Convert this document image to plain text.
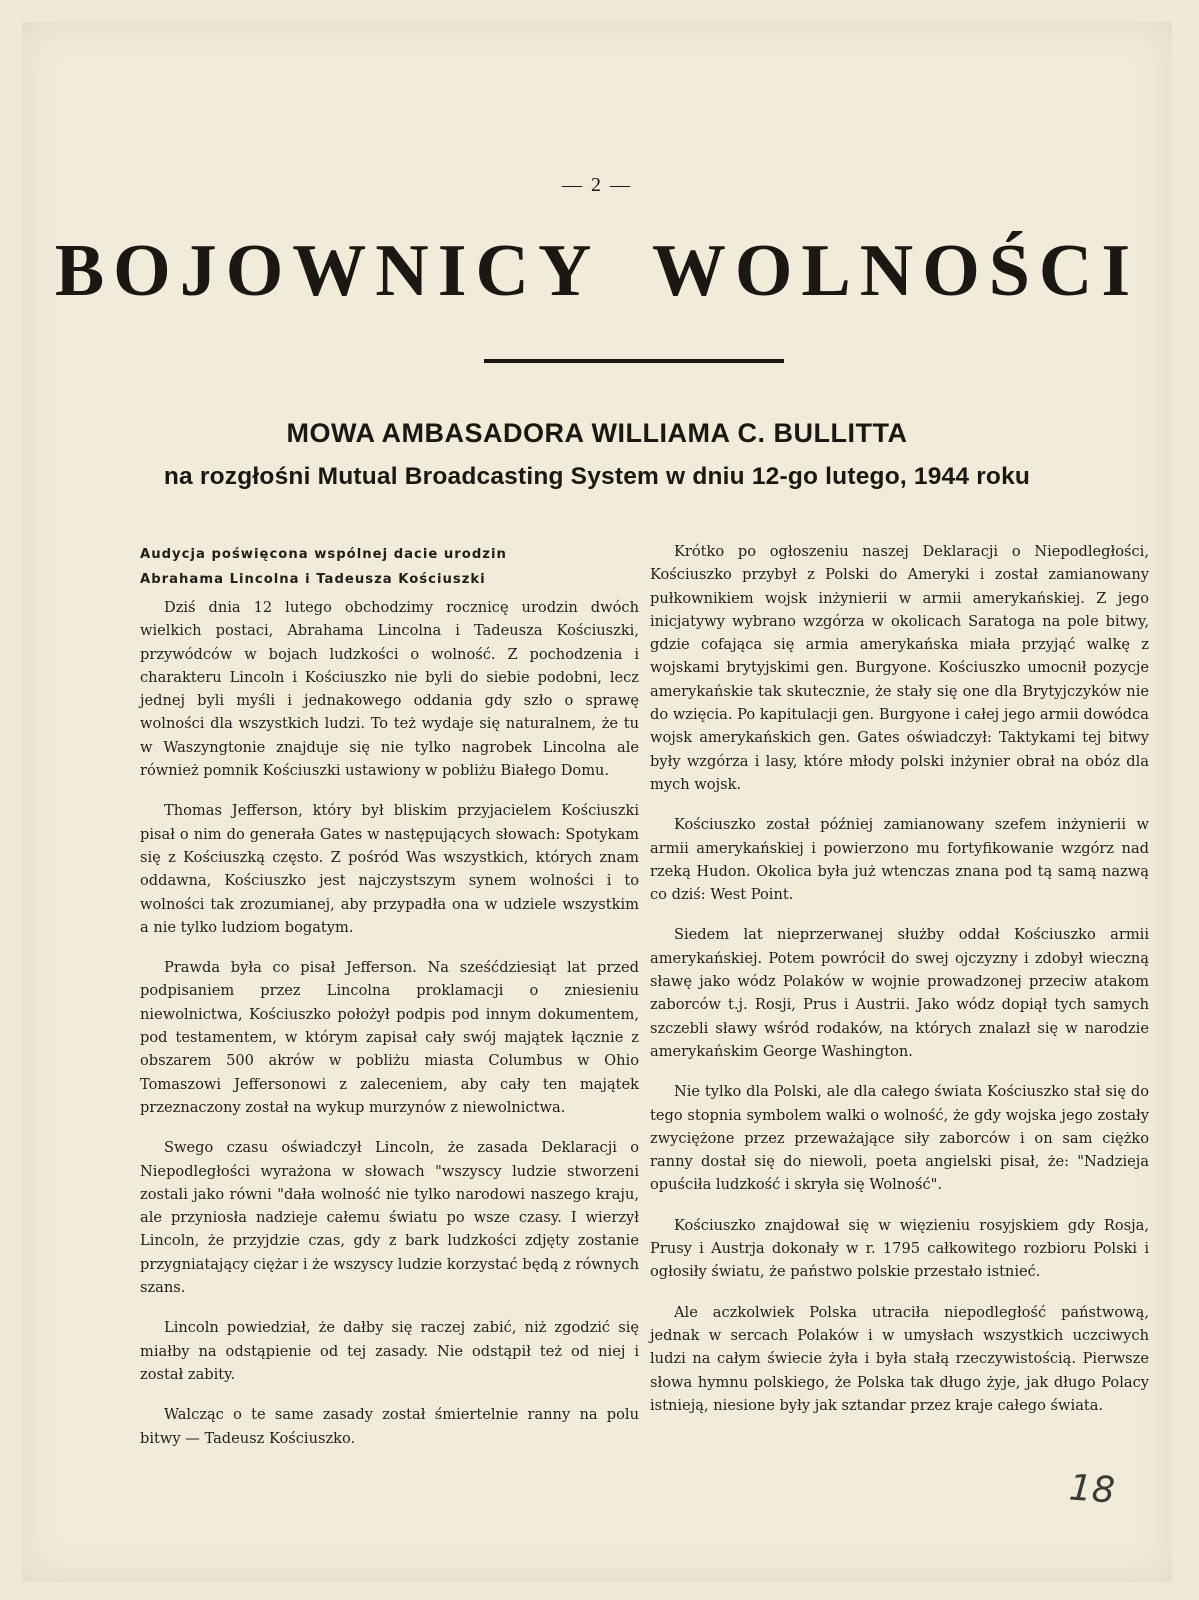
— 2 —
BOJOWNICY WOLNOŚCI
MOWA AMBASADORA WILLIAMA C. BULLITTA
na rozgłośni Mutual Broadcasting System w dniu 12-go lutego, 1944 roku
Audycja poświęcona wspólnej dacie urodzin
Abrahama Lincolna i Tadeusza Kościuszki

Dziś dnia 12 lutego obchodzimy rocznicę urodzin dwóch wielkich postaci, Abrahama Lincolna i Tadeusza Kościuszki, przywódców w bojach ludzkości o wolność. Z pochodzenia i charakteru Lincoln i Kościuszko nie byli do siebie podobni, lecz jednej byli myśli i jednakowego oddania gdy szło o sprawę wolności dla wszystkich ludzi. To też wydaje się naturalnem, że tu w Waszyngtonie znajduje się nie tylko nagrobek Lincolna ale również pomnik Kościuszki ustawiony w pobliżu Białego Domu.

Thomas Jefferson, który był bliskim przyjacielem Kościuszki pisał o nim do generała Gates w następujących słowach: Spotykam się z Kościuszką często. Z pośród Was wszystkich, których znam oddawna, Kościuszko jest najczystszym synem wolności i to wolności tak zrozumianej, aby przypadła ona w udziele wszystkim a nie tylko ludziom bogatym.

Prawda była co pisał Jefferson. Na sześćdziesiąt lat przed podpisaniem przez Lincolna proklamacji o zniesieniu niewolnictwa, Kościuszko położył podpis pod innym dokumentem, pod testamentem, w którym zapisał cały swój majątek łącznie z obszarem 500 akrów w pobliżu miasta Columbus w Ohio Tomaszowi Jeffersonowi z zaleceniem, aby cały ten majątek przeznaczony został na wykup murzynów z niewolnictwa.

Swego czasu oświadczył Lincoln, że zasada Deklaracji o Niepodległości wyrażona w słowach "wszyscy ludzie stworzeni zostali jako równi "dała wolność nie tylko narodowi naszego kraju, ale przyniosła nadzieje całemu światu po wsze czasy. I wierzył Lincoln, że przyjdzie czas, gdy z bark ludzkości zdjęty zostanie przygniatający ciężar i że wszyscy ludzie korzystać będą z równych szans.

Lincoln powiedział, że dałby się raczej zabić, niż zgodzić się miałby na odstąpienie od tej zasady. Nie odstąpił też od niej i został zabity.

Walcząc o te same zasady został śmiertelnie ranny na polu bitwy — Tadeusz Kościuszko.

Krótko po ogłoszeniu naszej Deklaracji o Niepodległości, Kościuszko przybył z Polski do Ameryki i został zamianowany pułkownikiem wojsk inżynierii w armii amerykańskiej. Z jego inicjatywy wybrano wzgórza w okolicach Saratoga na pole bitwy, gdzie cofająca się armia amerykańska miała przyjąć walkę z wojskami brytyjskimi gen. Burgyone. Kościuszko umocnił pozycje amerykańskie tak skutecznie, że stały się one dla Brytyjczyków nie do wzięcia. Po kapitulacji gen. Burgyone i całej jego armii dowódca wojsk amerykańskich gen. Gates oświadczył: Taktykami tej bitwy były wzgórza i lasy, które młody polski inżynier obrał na obóz dla mych wojsk.

Kościuszko został później zamianowany szefem inżynierii w armii amerykańskiej i powierzono mu fortyfikowanie wzgórz nad rzeką Hudon. Okolica była już wtenczas znana pod tą samą nazwą co dziś: West Point.

Siedem lat nieprzerwanej służby oddał Kościuszko armii amerykańskiej. Potem powrócił do swej ojczyzny i zdobył wieczną sławę jako wódz Polaków w wojnie prowadzonej przeciw atakom zaborców t.j. Rosji, Prus i Austrii. Jako wódz dopiął tych samych szczebli sławy wśród rodaków, na których znalazł się w narodzie amerykańskim George Washington.

Nie tylko dla Polski, ale dla całego świata Kościuszko stał się do tego stopnia symbolem walki o wolność, że gdy wojska jego zostały zwyciężone przez przeważające siły zaborców i on sam ciężko ranny dostał się do niewoli, poeta angielski pisał, że: "Nadzieja opuściła ludzkość i skryła się Wolność".

Kościuszko znajdował się w więzieniu rosyjskiem gdy Rosja, Prusy i Austrja dokonały w r. 1795 całkowitego rozbioru Polski i ogłosiły światu, że państwo polskie przestało istnieć.

Ale aczkolwiek Polska utraciła niepodległość państwową, jednak w sercach Polaków i w umysłach wszystkich uczciwych ludzi na całym świecie żyła i była stałą rzeczywistością. Pierwsze słowa hymnu polskiego, że Polska tak długo żyje, jak długo Polacy istnieją, niesione były jak sztandar przez kraje całego świata.

18
